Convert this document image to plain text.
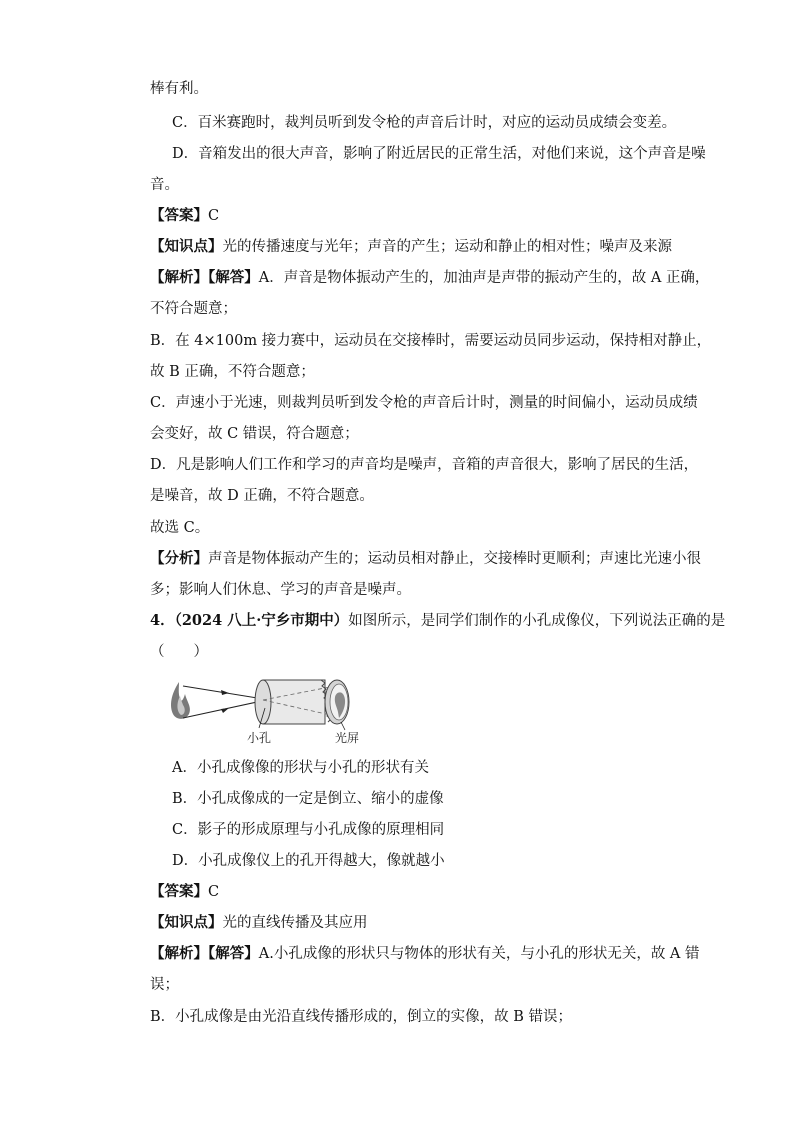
棒有利。
C．百米赛跑时，裁判员听到发令枪的声音后计时，对应的运动员成绩会变差。
D．音箱发出的很大声音，影响了附近居民的正常生活，对他们来说，这个声音是噪
音。
【答案】C
【知识点】光的传播速度与光年；声音的产生；运动和静止的相对性；噪声及来源
【解析】【解答】A．声音是物体振动产生的，加油声是声带的振动产生的，故 A 正确，
不符合题意；
B．在 4×100m 接力赛中，运动员在交接棒时，需要运动员同步运动，保持相对静止，
故 B 正确，不符合题意；
C．声速小于光速，则裁判员听到发令枪的声音后计时，测量的时间偏小，运动员成绩
会变好，故 C 错误，符合题意；
D．凡是影响人们工作和学习的声音均是噪声，音箱的声音很大，影响了居民的生活，
是噪音，故 D 正确，不符合题意。
故选 C。
【分析】声音是物体振动产生的；运动员相对静止，交接棒时更顺利；声速比光速小很
多；影响人们休息、学习的声音是噪声。
4．（2024 八上·宁乡市期中）如图所示，是同学们制作的小孔成像仪，下列说法正确的是
（　　）
小孔	光屏
A．小孔成像像的形状与小孔的形状有关
B．小孔成像成的一定是倒立、缩小的虚像
C．影子的形成原理与小孔成像的原理相同
D．小孔成像仪上的孔开得越大，像就越小
【答案】C
【知识点】光的直线传播及其应用
【解析】【解答】A.小孔成像的形状只与物体的形状有关，与小孔的形状无关，故 A 错
误；
B．小孔成像是由光沿直线传播形成的，倒立的实像，故 B 错误；
